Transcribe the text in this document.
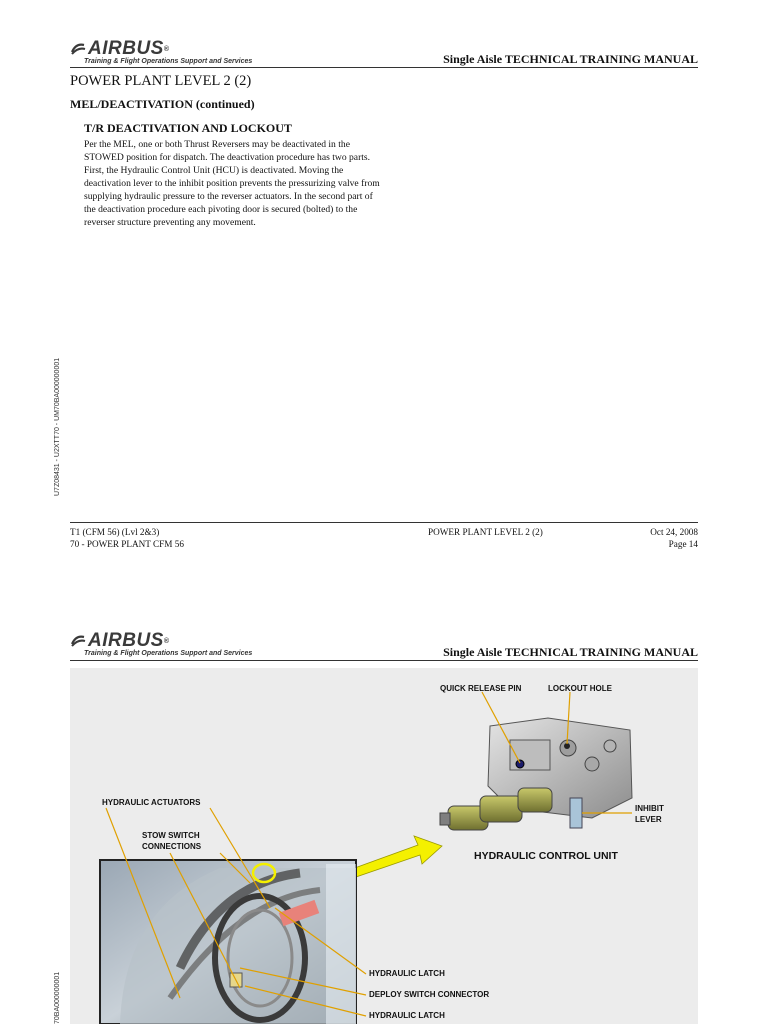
AIRBUS ®
Training & Flight Operations Support and Services	Single Aisle TECHNICAL TRAINING MANUAL
POWER PLANT LEVEL 2 (2)
MEL/DEACTIVATION (continued)
T/R DEACTIVATION AND LOCKOUT
Per the MEL, one or both Thrust Reversers may be deactivated in the STOWED position for dispatch. The deactivation procedure has two parts. First, the Hydraulic Control Unit (HCU) is deactivated. Moving the deactivation lever to the inhibit position prevents the pressurizing valve from supplying hydraulic pressure to the reverser actuators. In the second part of the deactivation procedure each pivoting door is secured (bolted) to the reverser structure preventing any movement.
U7Z08431 - U2XTT70 - UM70BA000000001
T1 (CFM 56) (Lvl 2&3)
70 - POWER PLANT CFM 56
POWER PLANT LEVEL 2 (2)	Oct 24, 2008
Page 14
AIRBUS ®
Training & Flight Operations Support and Services	Single Aisle TECHNICAL TRAINING MANUAL
70BA000000001
QUICK RELEASE PIN	LOCKOUT HOLE
INHIBIT
LEVER
HYDRAULIC CONTROL UNIT
HYDRAULIC ACTUATORS
STOW SWITCH
CONNECTIONS
HYDRAULIC LATCH
DEPLOY SWITCH CONNECTOR
HYDRAULIC LATCH
